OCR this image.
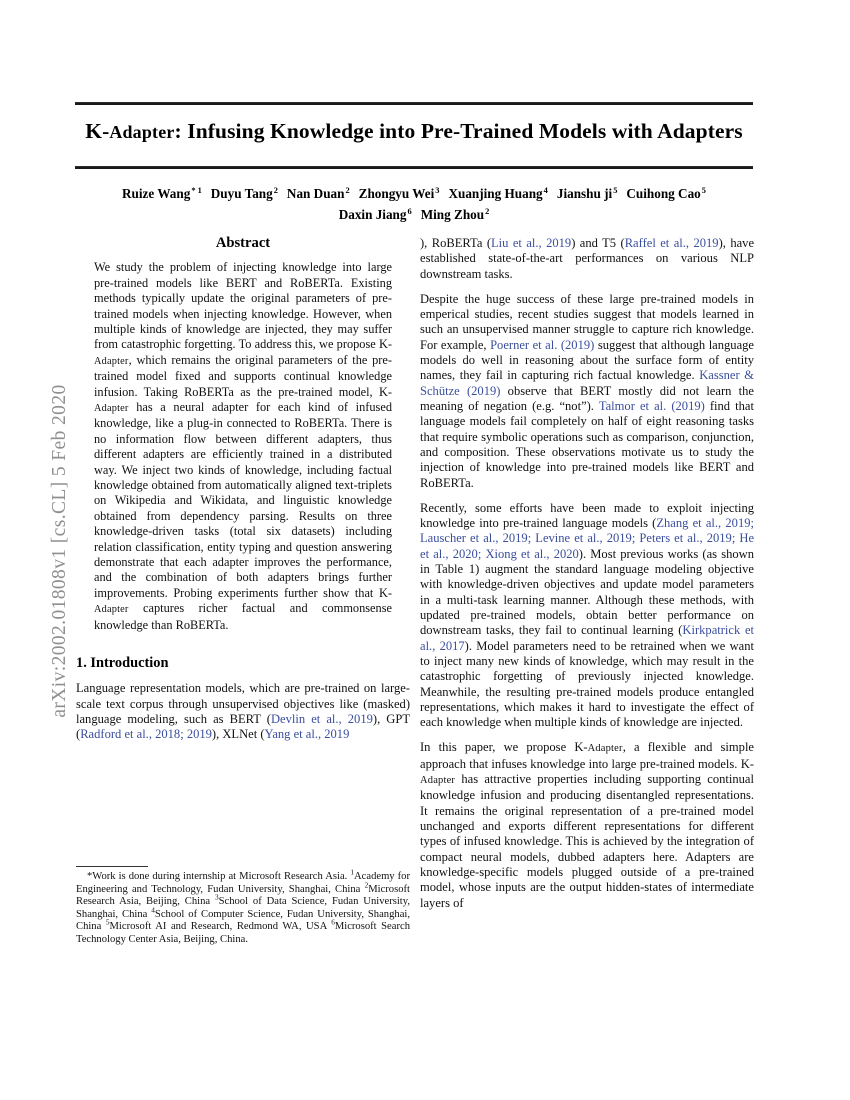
arXiv:2002.01808v1 [cs.CL] 5 Feb 2020
K-Adapter: Infusing Knowledge into Pre-Trained Models with Adapters
Ruize Wang$^{* 1}$ Duyu Tang$^2$ Nan Duan$^2$ Zhongyu Wei$^3$ Xuanjing Huang$^4$ Jianshu $ji^5$ Cuihong Cao$^5$
Daxin Jiang$^6$ Ming Zhou$^2$
Abstract
We study the problem of injecting knowledge into large pre-trained models like BERT and RoBERTa. Existing methods typically update the original parameters of pre-trained models when injecting knowledge. However, when multiple kinds of knowledge are injected, they may suffer from catastrophic forgetting. To address this, we propose K-Adapter, which remains the original parameters of the pre-trained model fixed and supports continual knowledge infusion. Taking RoBERTa as the pre-trained model, K-Adapter has a neural adapter for each kind of infused knowledge, like a plug-in connected to RoBERTa. There is no information flow between different adapters, thus different adapters are efficiently trained in a distributed way. We inject two kinds of knowledge, including factual knowledge obtained from automatically aligned text-triplets on Wikipedia and Wikidata, and linguistic knowledge obtained from dependency parsing. Results on three knowledge-driven tasks (total six datasets) including relation classification, entity typing and question answering demonstrate that each adapter improves the performance, and the combination of both adapters brings further improvements. Probing experiments further show that K-Adapter captures richer factual and commonsense knowledge than RoBERTa.
1. Introduction

Language representation models, which are pre-trained on large-scale text corpus through unsupervised objectives like (masked) language modeling, such as BERT (Devlin et al., 2019), GPT (Radford et al., 2018; 2019), XLNet (Yang et al., 2019

), RoBERTa (Liu et al., 2019) and T5 (Raffel et al., 2019), have established state-of-the-art performances on various NLP downstream tasks.

Despite the huge success of these large pre-trained models in emperical studies, recent studies suggest that models learned in such an unsupervised manner struggle to capture rich knowledge. For example, Poerner et al. (2019) suggest that although language models do well in reasoning about the surface form of entity names, they fail in capturing rich factual knowledge. Kassner & Schütze (2019) observe that BERT mostly did not learn the meaning of negation (e.g. “not”). Talmor et al. (2019) find that language models fail completely on half of eight reasoning tasks that require symbolic operations such as comparison, conjunction, and composition. These observations motivate us to study the injection of knowledge into pre-trained models like BERT and RoBERTa.

Recently, some efforts have been made to exploit injecting knowledge into pre-trained language models (Zhang et al., 2019; Lauscher et al., 2019; Levine et al., 2019; Peters et al., 2019; He et al., 2020; Xiong et al., 2020). Most previous works (as shown in Table 1) augment the standard language modeling objective with knowledge-driven objectives and update model parameters in a multi-task learning manner. Although these methods, with updated pre-trained models, obtain better performance on downstream tasks, they fail to continual learning (Kirkpatrick et al., 2017). Model parameters need to be retrained when we want to inject many new kinds of knowledge, which may result in the catastrophic forgetting of previously injected knowledge. Meanwhile, the resulting pre-trained models produce entangled representations, which makes it hard to investigate the effect of each knowledge when multiple kinds of knowledge are injected.

In this paper, we propose K-Adapter, a flexible and simple approach that infuses knowledge into large pre-trained models. K-Adapter has attractive properties including supporting continual knowledge infusion and producing disentangled representations. It remains the original representation of a pre-trained model unchanged and exports different representations for different types of infused knowledge. This is achieved by the integration of compact neural models, dubbed adapters here. Adapters are knowledge-specific models plugged outside of a pre-trained model, whose inputs are the output hidden-states of intermediate layers of

*Work is done during internship at Microsoft Research Asia. $^1$Academy for Engineering and Technology, Fudan University, Shanghai, China $^2$Microsoft Research Asia, Beijing, China $^3$School of Data Science, Fudan University, Shanghai, China $^4$School of Computer Science, Fudan University, Shanghai, China $^5$Microsoft AI and Research, Redmond WA, USA $^6$Microsoft Search Technology Center Asia, Beijing, China.
